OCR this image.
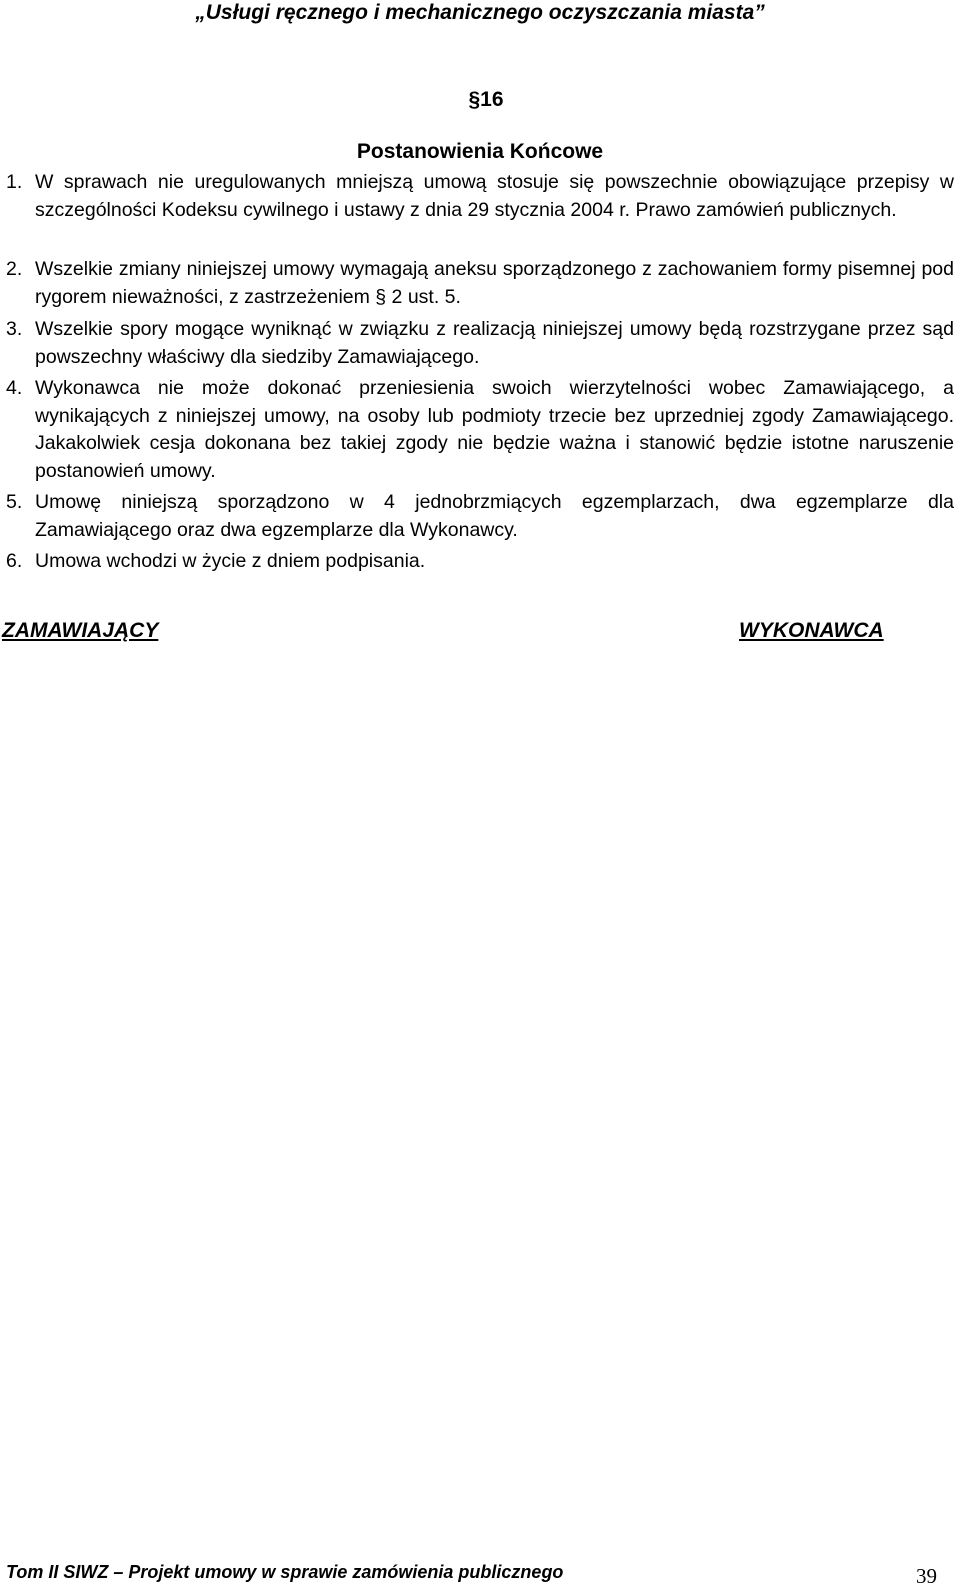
„Usługi ręcznego i mechanicznego oczyszczania miasta”
§16
Postanowienia Końcowe
1. W sprawach nie uregulowanych mniejszą umową stosuje się powszechnie obowiązujące przepisy w szczególności Kodeksu cywilnego i ustawy z dnia 29 stycznia 2004 r. Prawo zamówień publicznych.
2. Wszelkie zmiany niniejszej umowy wymagają aneksu sporządzonego z zachowaniem formy pisemnej pod rygorem nieważności, z zastrzeżeniem § 2 ust. 5.
3. Wszelkie spory mogące wyniknąć w związku z realizacją niniejszej umowy będą rozstrzygane przez sąd powszechny właściwy dla siedziby Zamawiającego.
4. Wykonawca nie może dokonać przeniesienia swoich wierzytelności wobec Zamawiającego, a wynikających z niniejszej umowy, na osoby lub podmioty trzecie bez uprzedniej zgody Zamawiającego. Jakakolwiek cesja dokonana bez takiej zgody nie będzie ważna i stanowić będzie istotne naruszenie postanowień umowy.
5. Umowę niniejszą sporządzono w 4 jednobrzmiących egzemplarzach, dwa egzemplarze dla Zamawiającego oraz dwa egzemplarze dla Wykonawcy.
6. Umowa wchodzi w życie z dniem podpisania.
ZAMAWIAJĄCY	WYKONAWCA
Tom II SIWZ – Projekt umowy w sprawie zamówienia publicznego	39
